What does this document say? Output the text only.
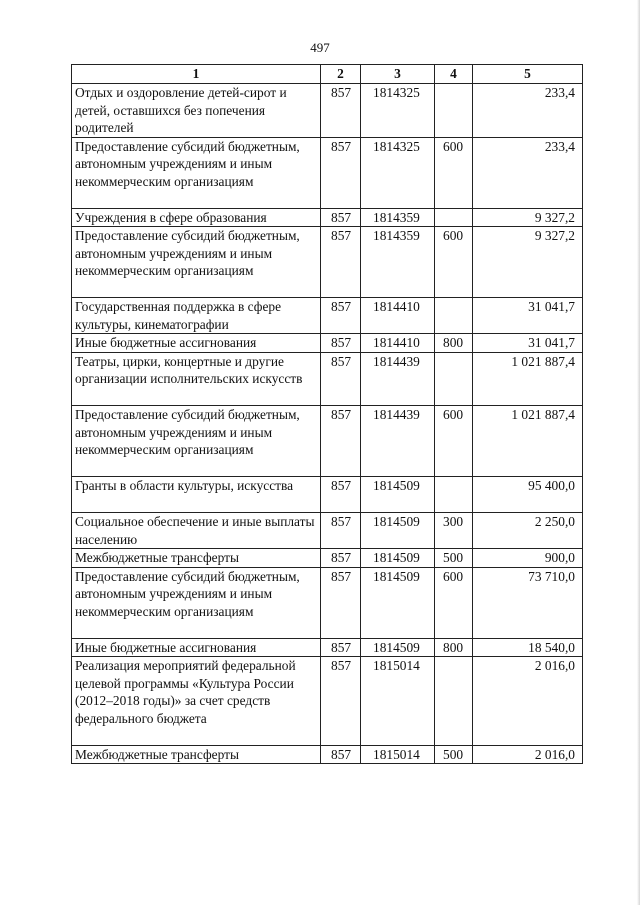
497
1	2	3	4	5
Отдых и оздоровление детей-сирот и детей, оставшихся без попечения родителей	857	1814325		233,4
Предоставление субсидий бюджетным, автономным учреждениям и иным некоммерческим организациям	857	1814325	600	233,4
Учреждения в сфере образования	857	1814359		9 327,2
Предоставление субсидий бюджетным, автономным учреждениям и иным некоммерческим организациям	857	1814359	600	9 327,2
Государственная поддержка в сфере культуры, кинематографии	857	1814410		31 041,7
Иные бюджетные ассигнования	857	1814410	800	31 041,7
Театры, цирки, концертные и другие организации исполнительских искусств	857	1814439		1 021 887,4
Предоставление субсидий бюджетным, автономным учреждениям и иным некоммерческим организациям	857	1814439	600	1 021 887,4
Гранты в области культуры, искусства	857	1814509		95 400,0
Социальное обеспечение и иные выплаты населению	857	1814509	300	2 250,0
Межбюджетные трансферты	857	1814509	500	900,0
Предоставление субсидий бюджетным, автономным учреждениям и иным некоммерческим организациям	857	1814509	600	73 710,0
Иные бюджетные ассигнования	857	1814509	800	18 540,0
Реализация мероприятий федеральной целевой программы «Культура России (2012–2018 годы)» за счет средств федерального бюджета	857	1815014		2 016,0
Межбюджетные трансферты	857	1815014	500	2 016,0
